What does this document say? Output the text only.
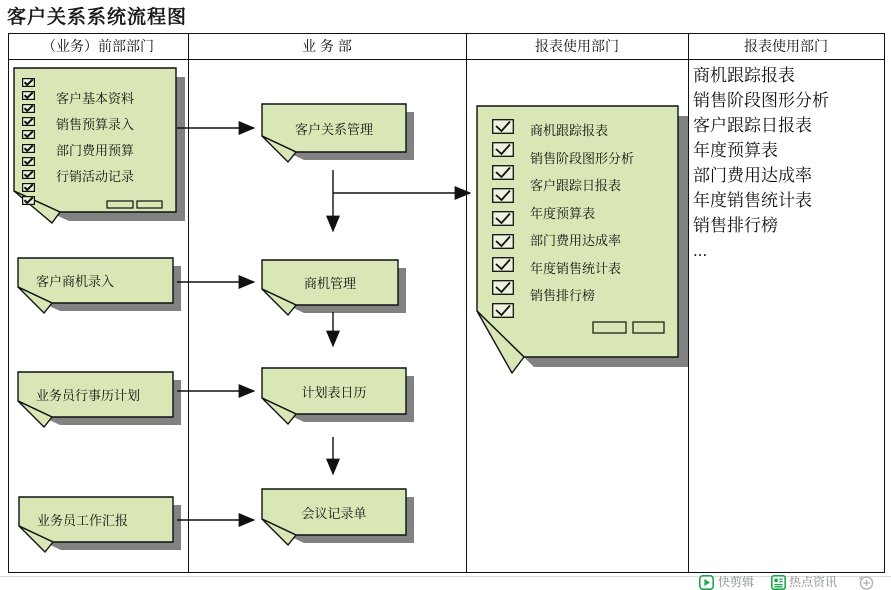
客户关系系统流程图
（业务）前部部门	业 务 部	报表使用部门	报表使用部门
客户基本资料
销售预算录入
部门费用预算
行销活动记录
客户商机录入
业务员行事历计划
业务员工作汇报
客户关系管理
商机管理
计划表日历
会议记录单
商机跟踪报表
销售阶段图形分析
客户跟踪日报表
年度预算表
部门费用达成率
年度销售统计表
销售排行榜
商机跟踪报表
销售阶段图形分析
客户跟踪日报表
年度预算表
部门费用达成率
年度销售统计表
销售排行榜
...
快剪辑	热点资讯
